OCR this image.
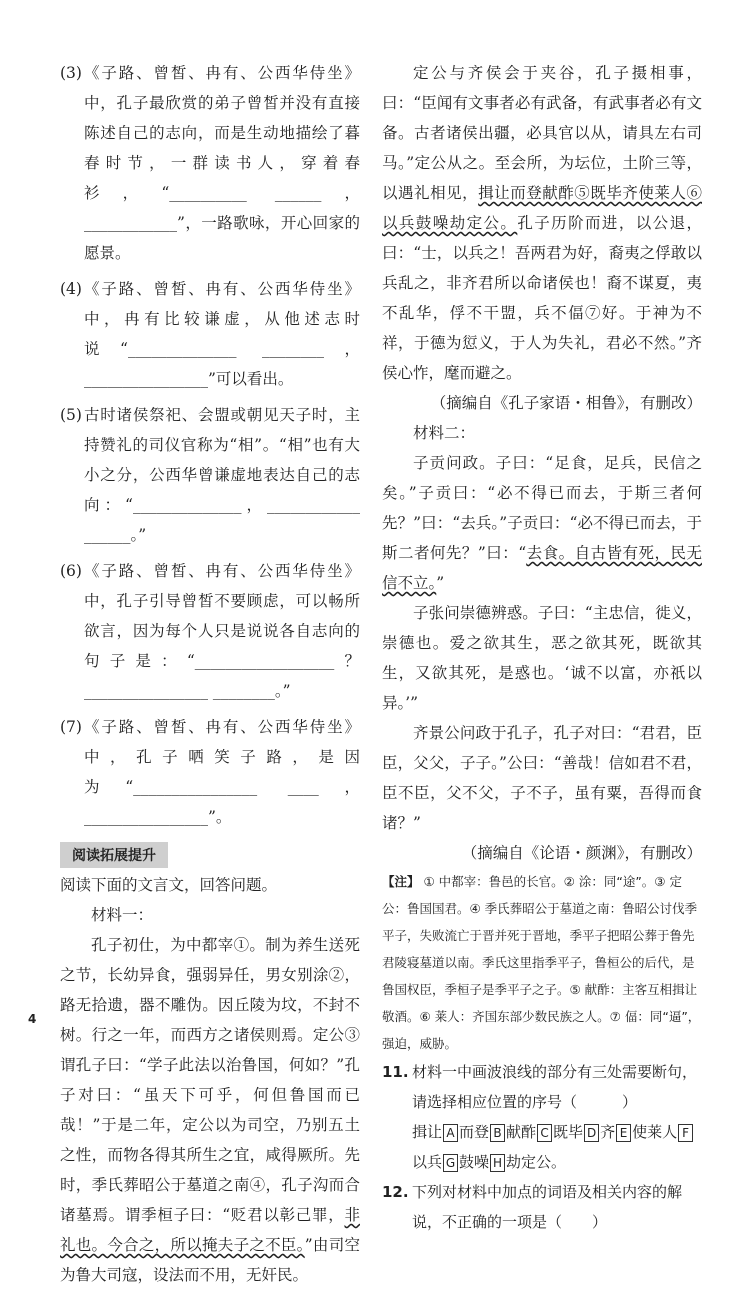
(3) 《子路、曾皙、冉有、公西华侍坐》中，孔子最欣赏的弟子曾皙并没有直接陈述自己的志向，而是生动地描绘了暮春时节，一群读书人，穿着春衫，“__________ ______，____________”，一路歌咏，开心回家的愿景。
(4) 《子路、曾皙、冉有、公西华侍坐》中，冉有比较谦虚，从他述志时说“______________ ________，________________”可以看出。
(5) 古时诸侯祭祀、会盟或朝见天子时，主持赞礼的司仪官称为“相”。“相”也有大小之分，公西华曾谦虚地表达自己的志向：“______________，____________ ______。”
(6) 《子路、曾皙、冉有、公西华侍坐》中，孔子引导曾皙不要顾虑，可以畅所欲言，因为每个人只是说说各自志向的句子是：“__________________？________________ ________。”
(7) 《子路、曾皙、冉有、公西华侍坐》中，孔子哂笑子路，是因为“________________ ____，________________”。
阅读拓展提升

阅读下面的文言文，回答问题。

材料一：

孔子初仕，为中都宰①。制为养生送死之节，长幼异食，强弱异任，男女别涂②，路无拾遗，器不雕伪。因丘陵为坟，不封不树。行之一年，而西方之诸侯则焉。定公③谓孔子曰：“学子此法以治鲁国，何如？”孔子对曰：“虽天下可乎，何但鲁国而已哉！”于是二年，定公以为司空，乃别五土之性，而物各得其所生之宜，咸得厥所。先时，季氏葬昭公于墓道之南④，孔子沟而合诸墓焉。谓季桓子曰：“贬君以彰己罪，非礼也。今合之，所以掩夫子之不臣。”由司空为鲁大司寇，设法而不用，无奸民。

定公与齐侯会于夹谷，孔子摄相事，曰：“臣闻有文事者必有武备，有武事者必有文备。古者诸侯出疆，必具官以从，请具左右司马。”定公从之。至会所，为坛位，土阶三等，以遇礼相见，揖让而登献酢⑤既毕齐使莱人⑥以兵鼓噪劫定公。孔子历阶而进，以公退，曰：“士，以兵之！吾两君为好，裔夷之俘敢以兵乱之，非齐君所以命诸侯也！裔不谋夏，夷不乱华，俘不干盟，兵不偪⑦好。于神为不祥，于德为愆义，于人为失礼，君必不然。”齐侯心怍，麾而避之。

（摘编自《孔子家语・相鲁》，有删改）

材料二：

子贡问政。子曰：“足食，足兵，民信之矣。”子贡曰：“必不得已而去，于斯三者何先？”曰：“去兵。”子贡曰：“必不得已而去，于斯二者何先？”曰：“去食。自古皆有死，民无信不立。”

子张问崇德辨惑。子曰：“主忠信，徙义，崇德也。爱之欲其生，恶之欲其死，既欲其生，又欲其死，是惑也。‘诚不以富，亦祇以异。’”

齐景公问政于孔子，孔子对曰：“君君，臣臣，父父，子子。”公曰：“善哉！信如君不君，臣不臣，父不父，子不子，虽有粟，吾得而食诸？”

（摘编自《论语・颜渊》，有删改）

【注】 ① 中都宰：鲁邑的长官。② 涂：同“途”。③ 定公：鲁国国君。④ 季氏葬昭公于墓道之南：鲁昭公讨伐季平子，失败流亡于晋并死于晋地，季平子把昭公葬于鲁先君陵寝墓道以南。季氏这里指季平子，鲁桓公的后代，是鲁国权臣，季桓子是季平子之子。⑤ 献酢：主客互相揖让敬酒。⑥ 莱人：齐国东部少数民族之人。⑦ 偪：同“逼”，强迫，威胁。

11. 材料一中画波浪线的部分有三处需要断句，请选择相应位置的序号（　　　）
揖让 A 而登 B 献酢 C 既毕 D 齐 E 使莱人 F以兵 G 鼓噪 H 劫定公。
12. 下列对材料中加点的词语及相关内容的解说，不正确的一项是（　　）
4
